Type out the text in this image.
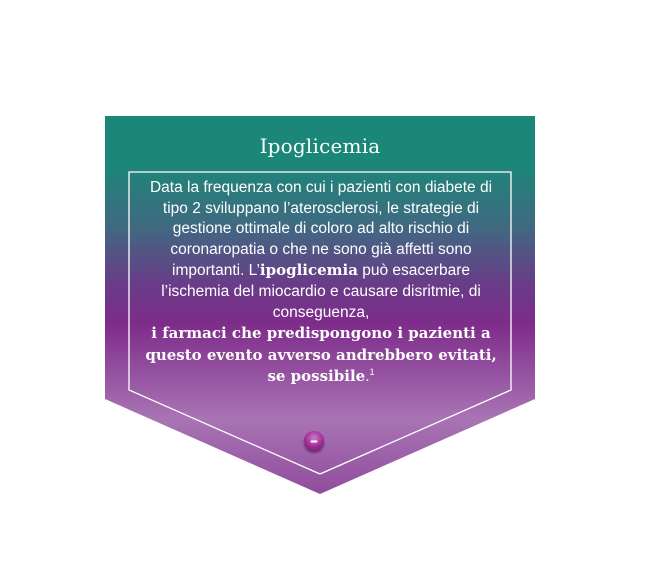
Ipoglicemia

Data la frequenza con cui i pazienti con diabete di tipo 2 sviluppano l’aterosclerosi, le strategie di gestione ottimale di coloro ad alto rischio di coronaropatia o che ne sono già affetti sono importanti. L’ipoglicemia può esacerbare l’ischemia del miocardio e causare disritmie, di conseguenza,
i farmaci che predispongono i pazienti a questo evento avverso andrebbero evitati,
se possibile.$^1$

–
